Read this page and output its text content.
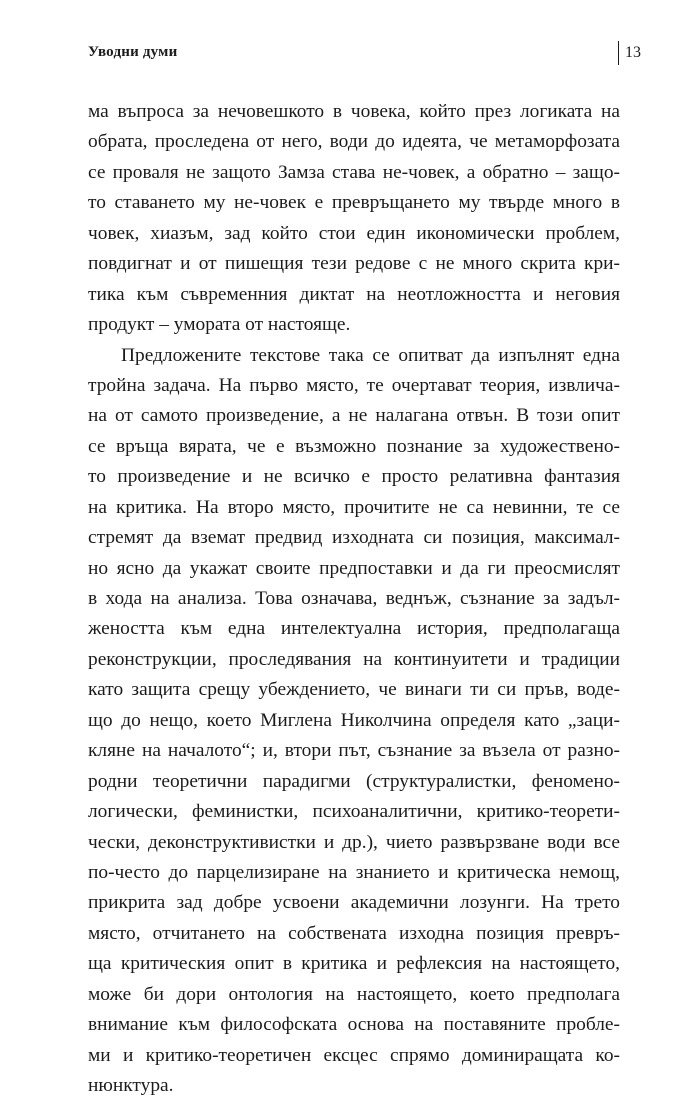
Уводни думи	13
ма въпроса за нечовешкото в човека, който през логиката на
обрата, проследена от него, води до идеята, че метаморфозата
се проваля не защото Замза става не-човек, а обратно – защо-
то ставането му не-човек е превръщането му твърде много в
човек, хиазъм, зад който стои един икономически проблем,
повдигнат и от пишещия тези редове с не много скрита кри-
тика към съвременния диктат на неотложността и неговия
продукт – умората от настояще.
Предложените текстове така се опитват да изпълнят една
тройна задача. На първо място, те очертават теория, извлича-
на от самото произведение, а не налагана отвън. В този опит
се връща вярата, че е възможно познание за художествено-
то произведение и не всичко е просто релативна фантазия
на критика. На второ място, прочитите не са невинни, те се
стремят да вземат предвид изходната си позиция, максимал-
но ясно да укажат своите предпоставки и да ги преосмислят
в хода на анализа. Това означава, веднъж, съзнание за задъл-
жеността към една интелектуална история, предполагаща
реконструкции, проследявания на континуитети и традиции
като защита срещу убеждението, че винаги ти си пръв, водe-
що до нещо, което Миглена Николчина определя като „заци-
кляне на началото“; и, втори път, съзнание за възела от разно-
родни теоретични парадигми (структуралистки, феномено-
логически, феминистки, психоаналитични, критико-теорети-
чески, деконструктивистки и др.), чието развързване води все
по-често до парцелизиране на знанието и критическа немощ,
прикрита зад добре усвоени академични лозунги. На трето
място, отчитането на собствената изходна позиция превръ-
ща критическия опит в критика и рефлексия на настоящето,
може би дори онтология на настоящето, което предполага
внимание към философската основа на поставяните пробле-
ми и критико-теоретичен ексцес спрямо доминиращата ко-
нюнктура.
